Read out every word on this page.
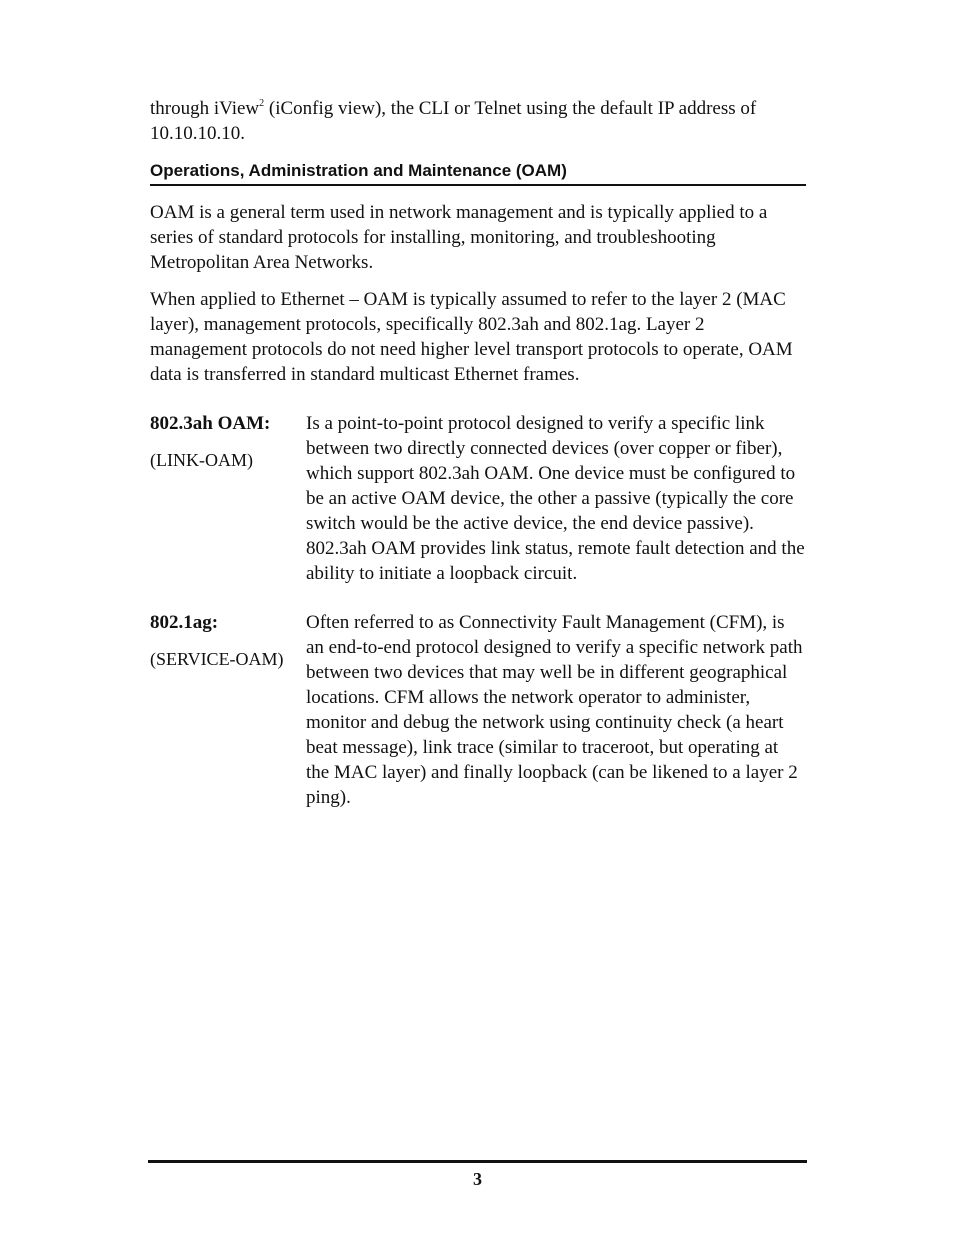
through iView$^2$ (iConfig view), the CLI or Telnet using the default IP address of 10.10.10.10.

Operations, Administration and Maintenance (OAM)

OAM is a general term used in network management and is typically applied to a series of standard protocols for installing, monitoring, and troubleshooting Metropolitan Area Networks.

When applied to Ethernet – OAM is typically assumed to refer to the layer 2 (MAC layer), management protocols, specifically 802.3ah and 802.1ag. Layer 2 management protocols do not need higher level transport protocols to operate, OAM data is transferred in standard multicast Ethernet frames.

802.3ah OAM:

(LINK-OAM)

Is a point-to-point protocol designed to verify a specific link between two directly connected devices (over copper or fiber), which support 802.3ah OAM. One device must be configured to be an active OAM device, the other a passive (typically the core switch would be the active device, the end device passive). 802.3ah OAM provides link status, remote fault detection and the ability to initiate a loopback circuit.

802.1ag:

(SERVICE-OAM)

Often referred to as Connectivity Fault Management (CFM), is an end-to-end protocol designed to verify a specific network path between two devices that may well be in different geographical locations. CFM allows the network operator to administer, monitor and debug the network using continuity check (a heart beat message), link trace (similar to traceroot, but operating at the MAC layer) and finally loopback (can be likened to a layer 2 ping).

3
